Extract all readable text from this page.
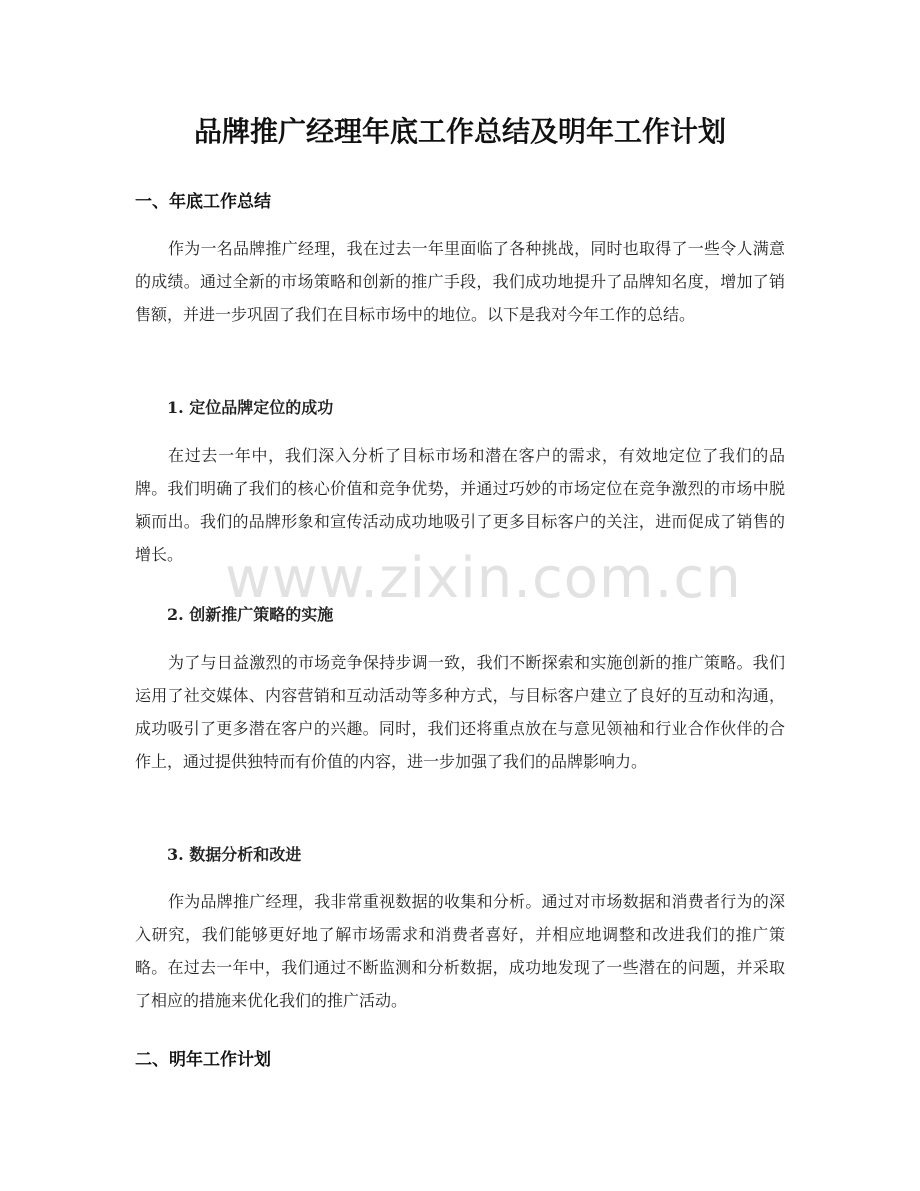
品牌推广经理年底工作总结及明年工作计划
一、年底工作总结

作为一名品牌推广经理，我在过去一年里面临了各种挑战，同时也取得了一些令人满意的成绩。通过全新的市场策略和创新的推广手段，我们成功地提升了品牌知名度，增加了销售额，并进一步巩固了我们在目标市场中的地位。以下是我对今年工作的总结。

1. 定位品牌定位的成功

在过去一年中，我们深入分析了目标市场和潜在客户的需求，有效地定位了我们的品牌。我们明确了我们的核心价值和竞争优势，并通过巧妙的市场定位在竞争激烈的市场中脱颖而出。我们的品牌形象和宣传活动成功地吸引了更多目标客户的关注，进而促成了销售的增长。

2. 创新推广策略的实施

为了与日益激烈的市场竞争保持步调一致，我们不断探索和实施创新的推广策略。我们运用了社交媒体、内容营销和互动活动等多种方式，与目标客户建立了良好的互动和沟通，成功吸引了更多潜在客户的兴趣。同时，我们还将重点放在与意见领袖和行业合作伙伴的合作上，通过提供独特而有价值的内容，进一步加强了我们的品牌影响力。

3. 数据分析和改进

作为品牌推广经理，我非常重视数据的收集和分析。通过对市场数据和消费者行为的深入研究，我们能够更好地了解市场需求和消费者喜好，并相应地调整和改进我们的推广策略。在过去一年中，我们通过不断监测和分析数据，成功地发现了一些潜在的问题，并采取了相应的措施来优化我们的推广活动。

二、明年工作计划
www.zixin.com.cn
